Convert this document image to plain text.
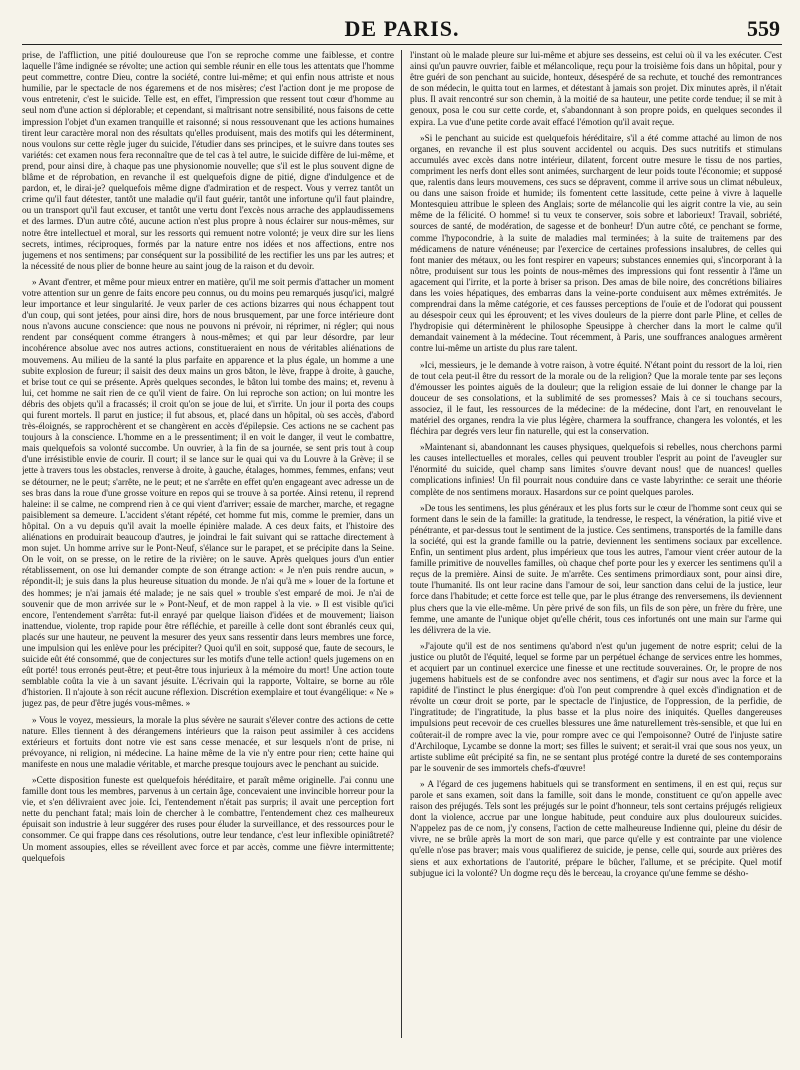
DE PARIS.	559

prise, de l'affliction, une pitié douloureuse que l'on se reproche comme une faiblesse, et contre laquelle l'âme indignée se révolte; une action qui semble réunir en elle tous les attentats que l'homme peut commettre, contre Dieu, contre la société, contre lui-même; et qui enfin nous attriste et nous humilie, par le spectacle de nos égaremens et de nos misères; c'est l'action dont je me propose de vous entretenir, c'est le suicide. Telle est, en effet, l'impression que ressent tout cœur d'homme au seul nom d'une action si déplorable; et cependant, si maîtrisant notre sensibilité, nous faisons de cette impression l'objet d'un examen tranquille et raisonné; si nous ressouvenant que les actions humaines tirent leur caractère moral non des résultats qu'elles produisent, mais des motifs qui les déterminent, nous voulons sur cette règle juger du suicide, l'étudier dans ses principes, et le suivre dans toutes ses variétés: cet examen nous fera reconnaître que de tel cas à tel autre, le suicide diffère de lui-même, et prend, pour ainsi dire, à chaque pas une physionomie nouvelle; que s'il est le plus souvent digne de blâme et de réprobation, en revanche il est quelquefois digne de pitié, digne d'indulgence et de pardon, et, le dirai-je? quelquefois même digne d'admiration et de respect. Vous y verrez tantôt un crime qu'il faut détester, tantôt une maladie qu'il faut guérir, tantôt une infortune qu'il faut plaindre, ou un transport qu'il faut excuser, et tantôt une vertu dont l'excès nous arrache des applaudissemens et des larmes. D'un autre côté, aucune action n'est plus propre à nous éclairer sur nous-mêmes, sur notre être intellectuel et moral, sur les ressorts qui remuent notre volonté; je veux dire sur les liens secrets, intimes, réciproques, formés par la nature entre nos idées et nos affections, entre nos jugemens et nos sentimens; par conséquent sur la possibilité de les rectifier les uns par les autres; et la nécessité de nous plier de bonne heure au saint joug de la raison et du devoir.

» Avant d'entrer, et même pour mieux entrer en matière, qu'il me soit permis d'attacher un moment votre attention sur un genre de faits encore peu connus, ou du moins peu remarqués jusqu'ici, malgré leur importance et leur singularité. Je veux parler de ces actions bizarres qui nous échappent tout d'un coup, qui sont jetées, pour ainsi dire, hors de nous brusquement, par une force intérieure dont nous n'avons aucune conscience: que nous ne pouvons ni prévoir, ni réprimer, ni régler; qui nous rendent par conséquent comme étrangers à nous-mêmes; et qui par leur désordre, par leur incohérence absolue avec nos autres actions, constitueraient en nous de véritables aliénations de mouvemens. Au milieu de la santé la plus parfaite en apparence et la plus égale, un homme a une subite explosion de fureur; il saisit des deux mains un gros bâton, le lève, frappe à droite, à gauche, et brise tout ce qui se présente. Après quelques secondes, le bâton lui tombe des mains; et, revenu à lui, cet homme ne sait rien de ce qu'il vient de faire. On lui reproche son action; on lui montre les débris des objets qu'il a fracassés; il croit qu'on se joue de lui, et s'irrite. Un jour il porta des coups qui furent mortels. Il parut en justice; il fut absous, et, placé dans un hôpital, où ses accès, d'abord très-éloignés, se rapprochèrent et se changèrent en accès d'épilepsie. Ces actions ne se cachent pas toujours à la conscience. L'homme en a le pressentiment; il en voit le danger, il veut le combattre, mais quelquefois sa volonté succombe. Un ouvrier, à la fin de sa journée, se sent pris tout à coup d'une irrésistible envie de courir. Il court; il se lance sur le quai qui va du Louvre à la Grève; il se jette à travers tous les obstacles, renverse à droite, à gauche, étalages, hommes, femmes, enfans; veut se détourner, ne le peut; s'arrête, ne le peut; et ne s'arrête en effet qu'en engageant avec adresse un de ses bras dans la roue d'une grosse voiture en repos qui se trouve à sa portée. Ainsi retenu, il reprend haleine: il se calme, ne comprend rien à ce qui vient d'arriver; essaie de marcher, marche, et regagne paisiblement sa demeure. L'accident s'étant répété, cet homme fut mis, comme le premier, dans un hôpital. On a vu depuis qu'il avait la moelle épinière malade. A ces deux faits, et l'histoire des aliénations en produirait beaucoup d'autres, je joindrai le fait suivant qui se rattache directement à mon sujet. Un homme arrive sur le Pont-Neuf, s'élance sur le parapet, et se précipite dans la Seine. On le voit, on se presse, on le retire de la rivière; on le sauve. Après quelques jours d'un entier rétablissement, on ose lui demander compte de son étrange action: « Je n'en puis rendre aucun, » répondit-il; je suis dans la plus heureuse situation du monde. Je n'ai qu'à me » louer de la fortune et des hommes; je n'ai jamais été malade; je ne sais quel » trouble s'est emparé de moi. Je n'ai de souvenir que de mon arrivée sur le » Pont-Neuf, et de mon rappel à la vie. » Il est visible qu'ici encore, l'entendement s'arrêta: fut-il enrayé par quelque liaison d'idées et de mouvement; liaison inattendue, violente, trop rapide pour être réfléchie, et pareille à celle dont sont ébranlés ceux qui, placés sur une hauteur, ne peuvent la mesurer des yeux sans ressentir dans leurs membres une force, une impulsion qui les enlève pour les précipiter? Quoi qu'il en soit, supposé que, faute de secours, le suicide eût été consommé, que de conjectures sur les motifs d'une telle action! quels jugemens on en eût porté! tous erronés peut-être; et peut-être tous injurieux à la mémoire du mort! Une action toute semblable coûta la vie à un savant jésuite. L'écrivain qui la rapporte, Voltaire, se borne au rôle d'historien. Il n'ajoute à son récit aucune réflexion. Discrétion exemplaire et tout évangélique: « Ne » jugez pas, de peur d'être jugés vous-mêmes. »

» Vous le voyez, messieurs, la morale la plus sévère ne saurait s'élever contre des actions de cette nature. Elles tiennent à des dérangemens intérieurs que la raison peut assimiler à ces accidens extérieurs et fortuits dont notre vie est sans cesse menacée, et sur lesquels n'ont de prise, ni prévoyance, ni religion, ni médecine. La haine même de la vie n'y entre pour rien; cette haine qui manifeste en nous une maladie véritable, et marche presque toujours avec le penchant au suicide.

»Cette disposition funeste est quelquefois héréditaire, et paraît même originelle. J'ai connu une famille dont tous les membres, parvenus à un certain âge, concevaient une invincible horreur pour la vie, et s'en délivraient avec joie. Ici, l'entendement n'était pas surpris; il avait une perception fort nette du penchant fatal; mais loin de chercher à le combattre, l'entendement chez ces malheureux épuisait son industrie à leur suggérer des ruses pour éluder la surveillance, et des ressources pour le consommer. Ce qui frappe dans ces résolutions, outre leur tendance, c'est leur inflexible opiniâtreté? Un moment assoupies, elles se réveillent avec force et par accès, comme une fièvre intermittente; quelquefois

l'instant où le malade pleure sur lui-même et abjure ses desseins, est celui où il va les exécuter. C'est ainsi qu'un pauvre ouvrier, faible et mélancolique, reçu pour la troisième fois dans un hôpital, pour y être guéri de son penchant au suicide, honteux, désespéré de sa rechute, et touché des remontrances de son médecin, le quitta tout en larmes, et détestant à jamais son projet. Dix minutes après, il n'était plus. Il avait rencontré sur son chemin, à la moitié de sa hauteur, une petite corde tendue; il se mit à genoux, posa le cou sur cette corde, et, s'abandonnant à son propre poids, en quelques secondes il expira. La vue d'une petite corde avait effacé l'émotion qu'il avait reçue.

»Si le penchant au suicide est quelquefois héréditaire, s'il a été comme attaché au limon de nos organes, en revanche il est plus souvent accidentel ou acquis. Des sucs nutritifs et stimulans accumulés avec excès dans notre intérieur, dilatent, forcent outre mesure le tissu de nos parties, compriment les nerfs dont elles sont animées, surchargent de leur poids toute l'économie; et supposé que, ralentis dans leurs mouvemens, ces sucs se dépravent, comme il arrive sous un climat nébuleux, ou dans une saison froide et humide; ils fomentent cette lassitude, cette peine à vivre à laquelle Montesquieu attribue le spleen des Anglais; sorte de mélancolie qui les aigrit contre la vie, au sein même de la félicité. O homme! si tu veux te conserver, sois sobre et laborieux! Travail, sobriété, sources de santé, de modération, de sagesse et de bonheur! D'un autre côté, ce penchant se forme, comme l'hypocondrie, à la suite de maladies mal terminées; à la suite de traitemens par des médicamens de nature vénéneuse; par l'exercice de certaines professions insalubres, de celles qui font manier des métaux, ou les font respirer en vapeurs; substances ennemies qui, s'incorporant à la nôtre, produisent sur tous les points de nous-mêmes des impressions qui font ressentir à l'âme un agacement qui l'irrite, et la porte à briser sa prison. Des amas de bile noire, des concrétions biliaires dans les voies hépatiques, des embarras dans la veine-porte conduisent aux mêmes extrémités. Je comprendrai dans la même catégorie, et ces fausses perceptions de l'ouïe et de l'odorat qui poussent au désespoir ceux qui les éprouvent; et les vives douleurs de la pierre dont parle Pline, et celles de l'hydropisie qui déterminèrent le philosophe Speusippe à chercher dans la mort le calme qu'il demandait vainement à la médecine. Tout récemment, à Paris, une souffrances analogues armèrent contre lui-même un artiste du plus rare talent.

»Ici, messieurs, je le demande à votre raison, à votre équité. N'étant point du ressort de la loi, rien de tout cela peut-il être du ressort de la morale ou de la religion? Que la morale tente par ses leçons d'émousser les pointes aiguës de la douleur; que la religion essaie de lui donner le change par la douceur de ses consolations, et la sublimité de ses promesses? Mais à ce si touchans secours, associez, il le faut, les ressources de la médecine: de la médecine, dont l'art, en renouvelant le matériel des organes, rendra la vie plus légère, charmera la souffrance, changera les volontés, et les fléchira par degrés vers leur fin naturelle, qui est la conservation.

»Maintenant si, abandonnant les causes physiques, quelquefois si rebelles, nous cherchons parmi les causes intellectuelles et morales, celles qui peuvent troubler l'esprit au point de l'aveugler sur l'énormité du suicide, quel champ sans limites s'ouvre devant nous! que de nuances! quelles complications infinies! Un fil pourrait nous conduire dans ce vaste labyrinthe: ce serait une théorie complète de nos sentimens moraux. Hasardons sur ce point quelques paroles.

»De tous les sentimens, les plus généraux et les plus forts sur le cœur de l'homme sont ceux qui se forment dans le sein de la famille: la gratitude, la tendresse, le respect, la vénération, la pitié vive et pénétrante, et par-dessus tout le sentiment de la justice. Ces sentimens, transportés de la famille dans la société, qui est la grande famille ou la patrie, deviennent les sentimens sociaux par excellence. Enfin, un sentiment plus ardent, plus impérieux que tous les autres, l'amour vient créer autour de la famille primitive de nouvelles familles, où chaque chef porte pour les y exercer les sentimens qu'il a reçus de la première. Ainsi de suite. Je m'arrête. Ces sentimens primordiaux sont, pour ainsi dire, toute l'humanité. Ils ont leur racine dans l'amour de soi, leur sanction dans celui de la justice, leur force dans l'habitude; et cette force est telle que, par le plus étrange des renversemens, ils deviennent plus chers que la vie elle-même. Un père privé de son fils, un fils de son père, un frère du frère, une femme, une amante de l'unique objet qu'elle chérit, tous ces infortunés ont une main sur l'arme qui les délivrera de la vie.

»J'ajoute qu'il est de nos sentimens qu'abord n'est qu'un jugement de notre esprit; celui de la justice ou plutôt de l'équité, lequel se forme par un perpétuel échange de services entre les hommes, et acquiert par un continuel exercice une finesse et une rectitude souveraines. Or, le propre de nos jugemens habituels est de se confondre avec nos sentimens, et d'agir sur nous avec la force et la rapidité de l'instinct le plus énergique: d'où l'on peut comprendre à quel excès d'indignation et de révolte un cœur droit se porte, par le spectacle de l'injustice, de l'oppression, de la perfidie, de l'ingratitude; de l'ingratitude, la plus basse et la plus noire des iniquités. Quelles dangereuses impulsions peut recevoir de ces cruelles blessures une âme naturellement très-sensible, et que lui en coûterait-il de rompre avec la vie, pour rompre avec ce qui l'empoisonne? Outré de l'injuste satire d'Archiloque, Lycambe se donne la mort; ses filles le suivent; et serait-il vrai que sous nos yeux, un artiste sublime eût précipité sa fin, ne se sentant plus protégé contre la dureté de ses contemporains par le souvenir de ses immortels chefs-d'œuvre!

» A l'égard de ces jugemens habituels qui se transforment en sentimens, il en est qui, reçus sur parole et sans examen, soit dans la famille, soit dans le monde, constituent ce qu'on appelle avec raison des préjugés. Tels sont les préjugés sur le point d'honneur, tels sont certains préjugés religieux dont la violence, accrue par une longue habitude, peut conduire aux plus douloureux suicides. N'appelez pas de ce nom, j'y consens, l'action de cette malheureuse Indienne qui, pleine du désir de vivre, ne se brûle après la mort de son mari, que parce qu'elle y est contrainte par une violence qu'elle n'ose pas braver; mais vous qualifierez de suicide, je pense, celle qui, sourde aux prières des siens et aux exhortations de l'autorité, prépare le bûcher, l'allume, et se précipite. Quel motif subjugue ici la volonté? Un dogme reçu dès le berceau, la croyance qu'une femme se désho-
